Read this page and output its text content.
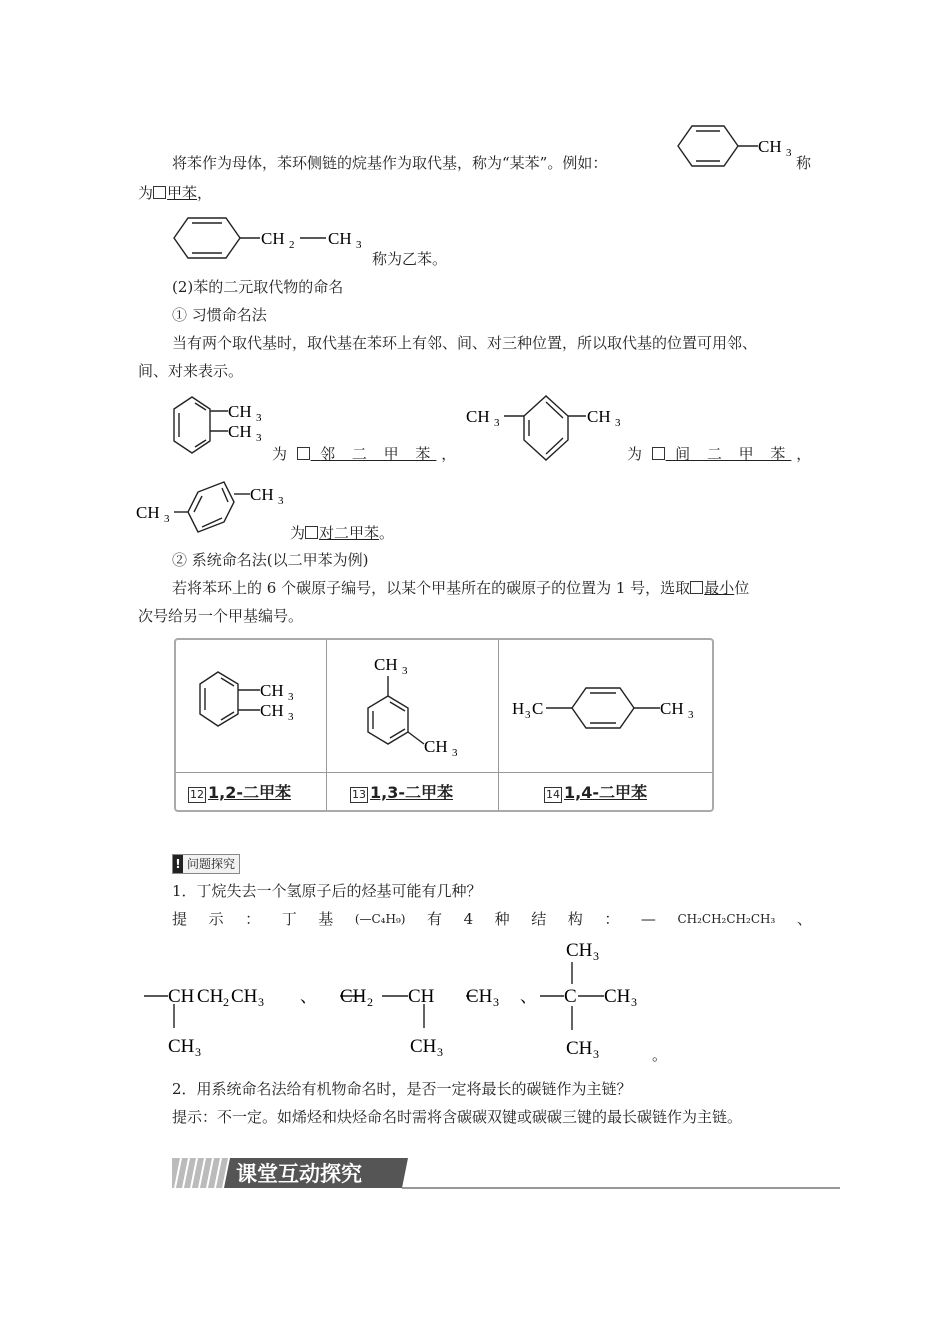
将苯作为母体，苯环侧链的烷基作为取代基，称为“某苯”。例如：
CH 3
称
为 甲苯，
CH 2 CH 3
称为乙苯。
(2)苯的二元取代物的命名
① 习惯命名法
当有两个取代基时，取代基在苯环上有邻、间、对三种位置，所以取代基的位置可用邻、
间、对来表示。
CH 3
CH 3
为 邻 二 甲 苯 ，
CH 3	CH 3
为 间 二 甲 苯 ，
CH 3
CH 3
为 对二甲苯。
② 系统命名法(以二甲苯为例)
若将苯环上的 6 个碳原子编号，以某个甲基所在的碳原子的位置为 1 号，选取 最小位
次号给另一个甲基编号。
CH 3
CH 3
12 1,2-二甲苯
CH 3
CH 3
13 1,3-二甲苯
H 3 C	CH 3
14 1,4-二甲苯
! 问题探究
1．丁烷失去一个氢原子后的烃基可能有几种？
提 示 ： 丁 基 (—C₄H₉) 有 4 种 结 构 ： — CH₂CH₂CH₂CH₃ 、
CH CH 2 CH 3
CH 3
、 CH 2 CH CH 3
CH 3
、 C CH 3
CH 3
CH 3	。
2．用系统命名法给有机物命名时，是否一定将最长的碳链作为主链？
提示：不一定。如烯烃和炔烃命名时需将含碳碳双键或碳碳三键的最长碳链作为主链。
课堂互动探究
